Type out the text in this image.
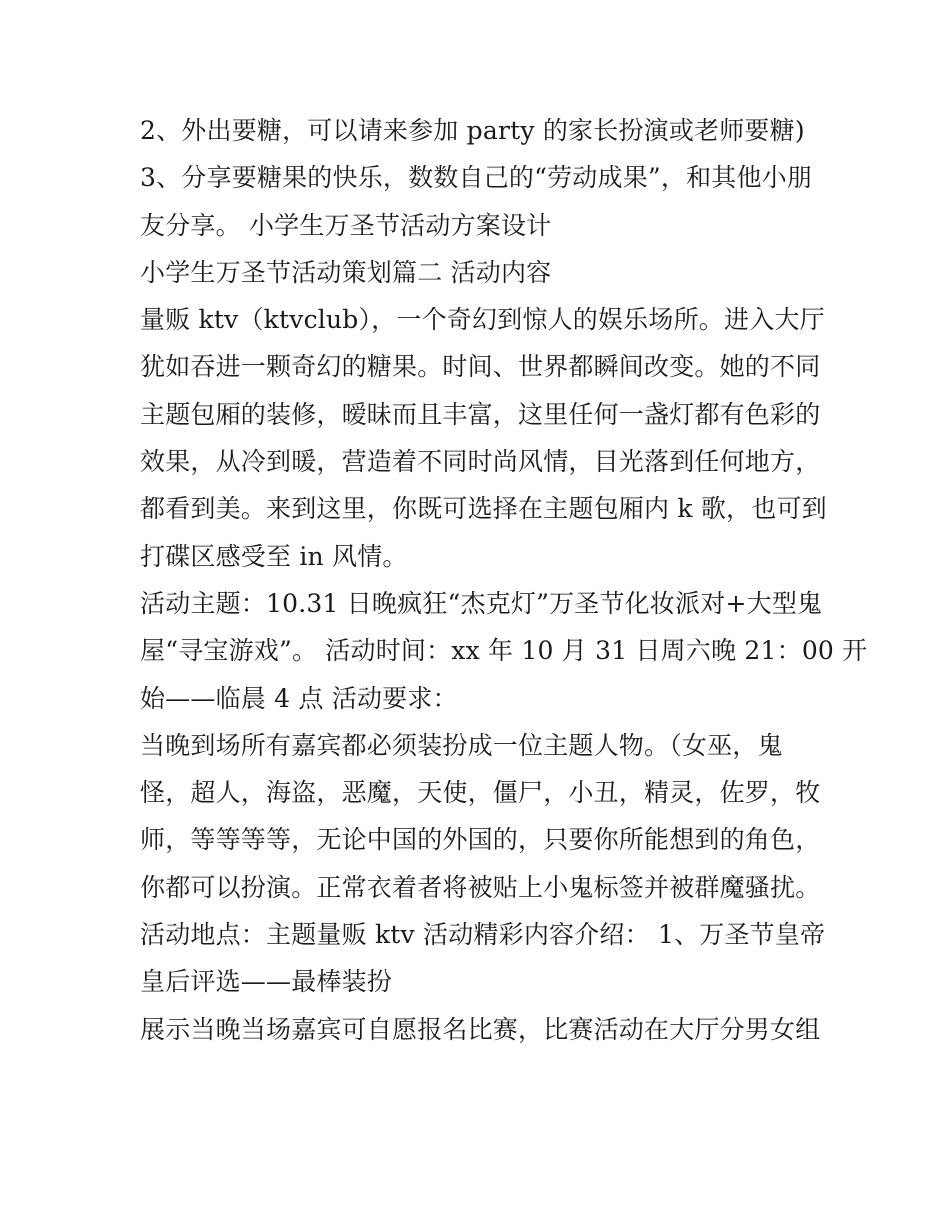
2、外出要糖，可以请来参加 party 的家长扮演或老师要糖)
3、分享要糖果的快乐，数数自己的“劳动成果”，和其他小朋
友分享。 小学生万圣节活动方案设计
小学生万圣节活动策划篇二 活动内容
量贩 ktv（ktvclub），一个奇幻到惊人的娱乐场所。进入大厅
犹如吞进一颗奇幻的糖果。时间、世界都瞬间改变。她的不同
主题包厢的装修，暧昧而且丰富，这里任何一盏灯都有色彩的
效果，从冷到暖，营造着不同时尚风情，目光落到任何地方，
都看到美。来到这里，你既可选择在主题包厢内 k 歌，也可到
打碟区感受至 in 风情。
活动主题：10.31 日晚疯狂“杰克灯”万圣节化妆派对+大型鬼
屋“寻宝游戏”。 活动时间：xx 年 10 月 31 日周六晚 21：00 开
始——临晨 4 点 活动要求：
当晚到场所有嘉宾都必须装扮成一位主题人物。（女巫，鬼
怪，超人，海盗，恶魔，天使，僵尸，小丑，精灵，佐罗，牧
师，等等等等，无论中国的外国的，只要你所能想到的角色，
你都可以扮演。正常衣着者将被贴上小鬼标签并被群魔骚扰。
活动地点：主题量贩 ktv 活动精彩内容介绍： 1、万圣节皇帝
皇后评选——最棒装扮
展示当晚当场嘉宾可自愿报名比赛，比赛活动在大厅分男女组
